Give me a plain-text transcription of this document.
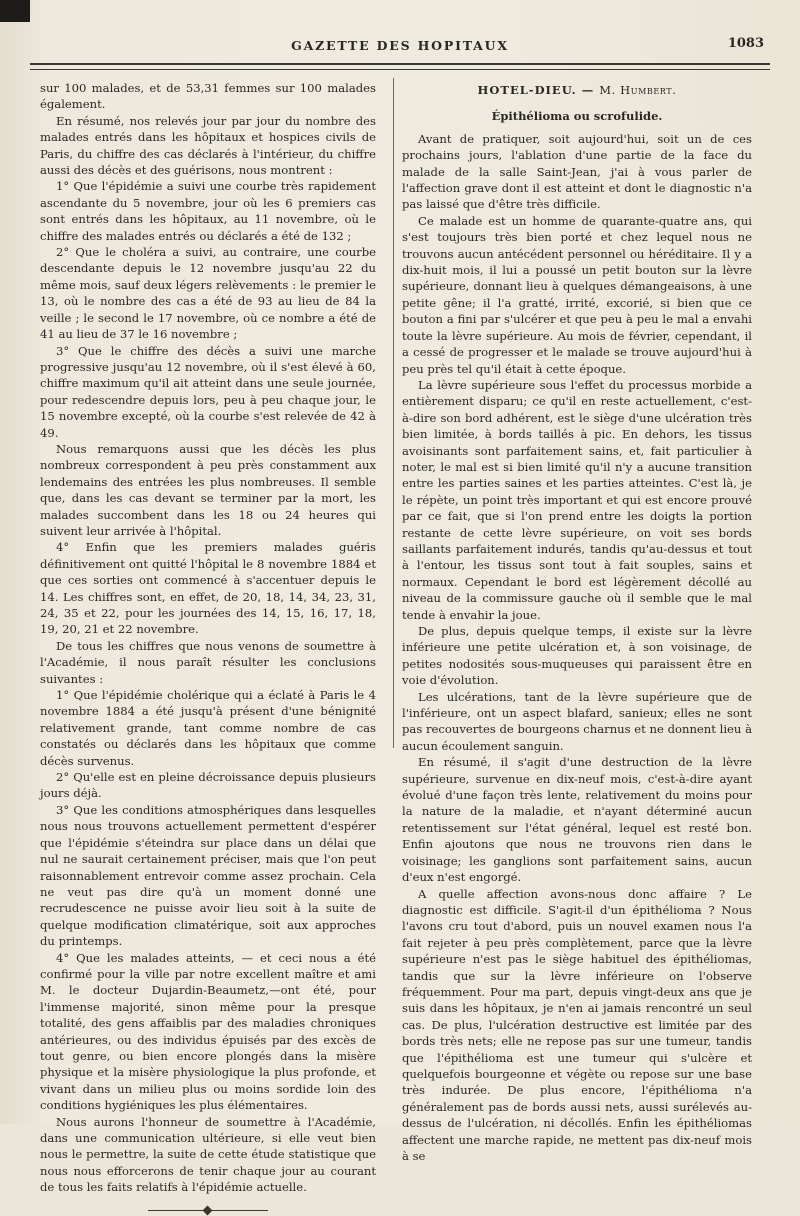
GAZETTE DES HOPITAUX	1083

sur 100 malades, et de 53,31 femmes sur 100 malades également.

En résumé, nos relevés jour par jour du nombre des malades entrés dans les hôpitaux et hospices civils de Paris, du chiffre des cas déclarés à l'intérieur, du chiffre aussi des décès et des guérisons, nous montrent :

1° Que l'épidémie a suivi une courbe très rapidement ascendante du 5 novembre, jour où les 6 premiers cas sont entrés dans les hôpitaux, au 11 novembre, où le chiffre des malades entrés ou déclarés a été de 132 ;

2° Que le choléra a suivi, au contraire, une courbe descendante depuis le 12 novembre jusqu'au 22 du même mois, sauf deux légers relèvements : le premier le 13, où le nombre des cas a été de 93 au lieu de 84 la veille ; le second le 17 novembre, où ce nombre a été de 41 au lieu de 37 le 16 novembre ;

3° Que le chiffre des décès a suivi une marche progressive jusqu'au 12 novembre, où il s'est élevé à 60, chiffre maximum qu'il ait atteint dans une seule journée, pour redescendre depuis lors, peu à peu chaque jour, le 15 novembre excepté, où la courbe s'est relevée de 42 à 49.

Nous remarquons aussi que les décès les plus nombreux correspondent à peu près constamment aux lendemains des entrées les plus nombreuses. Il semble que, dans les cas devant se terminer par la mort, les malades succombent dans les 18 ou 24 heures qui suivent leur arrivée à l'hôpital.

4° Enfin que les premiers malades guéris définitivement ont quitté l'hôpital le 8 novembre 1884 et que ces sorties ont commencé à s'accentuer depuis le 14. Les chiffres sont, en effet, de 20, 18, 14, 34, 23, 31, 24, 35 et 22, pour les journées des 14, 15, 16, 17, 18, 19, 20, 21 et 22 novembre.

De tous les chiffres que nous venons de soumettre à l'Académie, il nous paraît résulter les conclusions suivantes :

1° Que l'épidémie cholérique qui a éclaté à Paris le 4 novembre 1884 a été jusqu'à présent d'une bénignité relativement grande, tant comme nombre de cas constatés ou déclarés dans les hôpitaux que comme décès survenus.

2° Qu'elle est en pleine décroissance depuis plusieurs jours déjà.

3° Que les conditions atmosphériques dans lesquelles nous nous trouvons actuellement permettent d'espérer que l'épidémie s'éteindra sur place dans un délai que nul ne saurait certainement préciser, mais que l'on peut raisonnablement entrevoir comme assez prochain. Cela ne veut pas dire qu'à un moment donné une recrudescence ne puisse avoir lieu soit à la suite de quelque modification climatérique, soit aux approches du printemps.

4° Que les malades atteints, — et ceci nous a été confirmé pour la ville par notre excellent maître et ami M. le docteur Dujardin-Beaumetz,—ont été, pour l'immense majorité, sinon même pour la presque totalité, des gens affaiblis par des maladies chroniques antérieures, ou des individus épuisés par des excès de tout genre, ou bien encore plongés dans la misère physique et la misère physiologique la plus profonde, et vivant dans un milieu plus ou moins sordide loin des conditions hygiéniques les plus élémentaires.

Nous aurons l'honneur de soumettre à l'Académie, dans une communication ultérieure, si elle veut bien nous le permettre, la suite de cette étude statistique que nous nous efforcerons de tenir chaque jour au courant de tous les faits relatifs à l'épidémie actuelle.

HOTEL-DIEU. — M. Humbert.
Épithélioma ou scrofulide.

Avant de pratiquer, soit aujourd'hui, soit un de ces prochains jours, l'ablation d'une partie de la face du malade de la salle Saint-Jean, j'ai à vous parler de l'affection grave dont il est atteint et dont le diagnostic n'a pas laissé que d'être très difficile.

Ce malade est un homme de quarante-quatre ans, qui s'est toujours très bien porté et chez lequel nous ne trouvons aucun antécédent personnel ou héréditaire. Il y a dix-huit mois, il lui a poussé un petit bouton sur la lèvre supérieure, donnant lieu à quelques démangeaisons, à une petite gêne; il l'a gratté, irrité, excorié, si bien que ce bouton a fini par s'ulcérer et que peu à peu le mal a envahi toute la lèvre supérieure. Au mois de février, cependant, il a cessé de progresser et le malade se trouve aujourd'hui à peu près tel qu'il était à cette époque.

La lèvre supérieure sous l'effet du processus morbide a entièrement disparu; ce qu'il en reste actuellement, c'est-à-dire son bord adhérent, est le siège d'une ulcération très bien limitée, à bords taillés à pic. En dehors, les tissus avoisinants sont parfaitement sains, et, fait particulier à noter, le mal est si bien limité qu'il n'y a aucune transition entre les parties saines et les parties atteintes. C'est là, je le répète, un point très important et qui est encore prouvé par ce fait, que si l'on prend entre les doigts la portion restante de cette lèvre supérieure, on voit ses bords saillants parfaitement indurés, tandis qu'au-dessus et tout à l'entour, les tissus sont tout à fait souples, sains et normaux. Cependant le bord est légèrement décollé au niveau de la commissure gauche où il semble que le mal tende à envahir la joue.

De plus, depuis quelque temps, il existe sur la lèvre inférieure une petite ulcération et, à son voisinage, de petites nodosités sous-muqueuses qui paraissent être en voie d'évolution.

Les ulcérations, tant de la lèvre supérieure que de l'inférieure, ont un aspect blafard, sanieux; elles ne sont pas recouvertes de bourgeons charnus et ne donnent lieu à aucun écoulement sanguin.

En résumé, il s'agit d'une destruction de la lèvre supérieure, survenue en dix-neuf mois, c'est-à-dire ayant évolué d'une façon très lente, relativement du moins pour la nature de la maladie, et n'ayant déterminé aucun retentissement sur l'état général, lequel est resté bon. Enfin ajoutons que nous ne trouvons rien dans le voisinage; les ganglions sont parfaitement sains, aucun d'eux n'est engorgé.

A quelle affection avons-nous donc affaire ? Le diagnostic est difficile. S'agit-il d'un épithélioma ? Nous l'avons cru tout d'abord, puis un nouvel examen nous l'a fait rejeter à peu près complètement, parce que la lèvre supérieure n'est pas le siège habituel des épithéliomas, tandis que sur la lèvre inférieure on l'observe fréquemment. Pour ma part, depuis vingt-deux ans que je suis dans les hôpitaux, je n'en ai jamais rencontré un seul cas. De plus, l'ulcération destructive est limitée par des bords très nets; elle ne repose pas sur une tumeur, tandis que l'épithélioma est une tumeur qui s'ulcère et quelquefois bourgeonne et végète ou repose sur une base très indurée. De plus encore, l'épithélioma n'a généralement pas de bords aussi nets, aussi surélevés au-dessus de l'ulcération, ni décollés. Enfin les épithéliomas affectent une marche rapide, ne mettent pas dix-neuf mois à se
